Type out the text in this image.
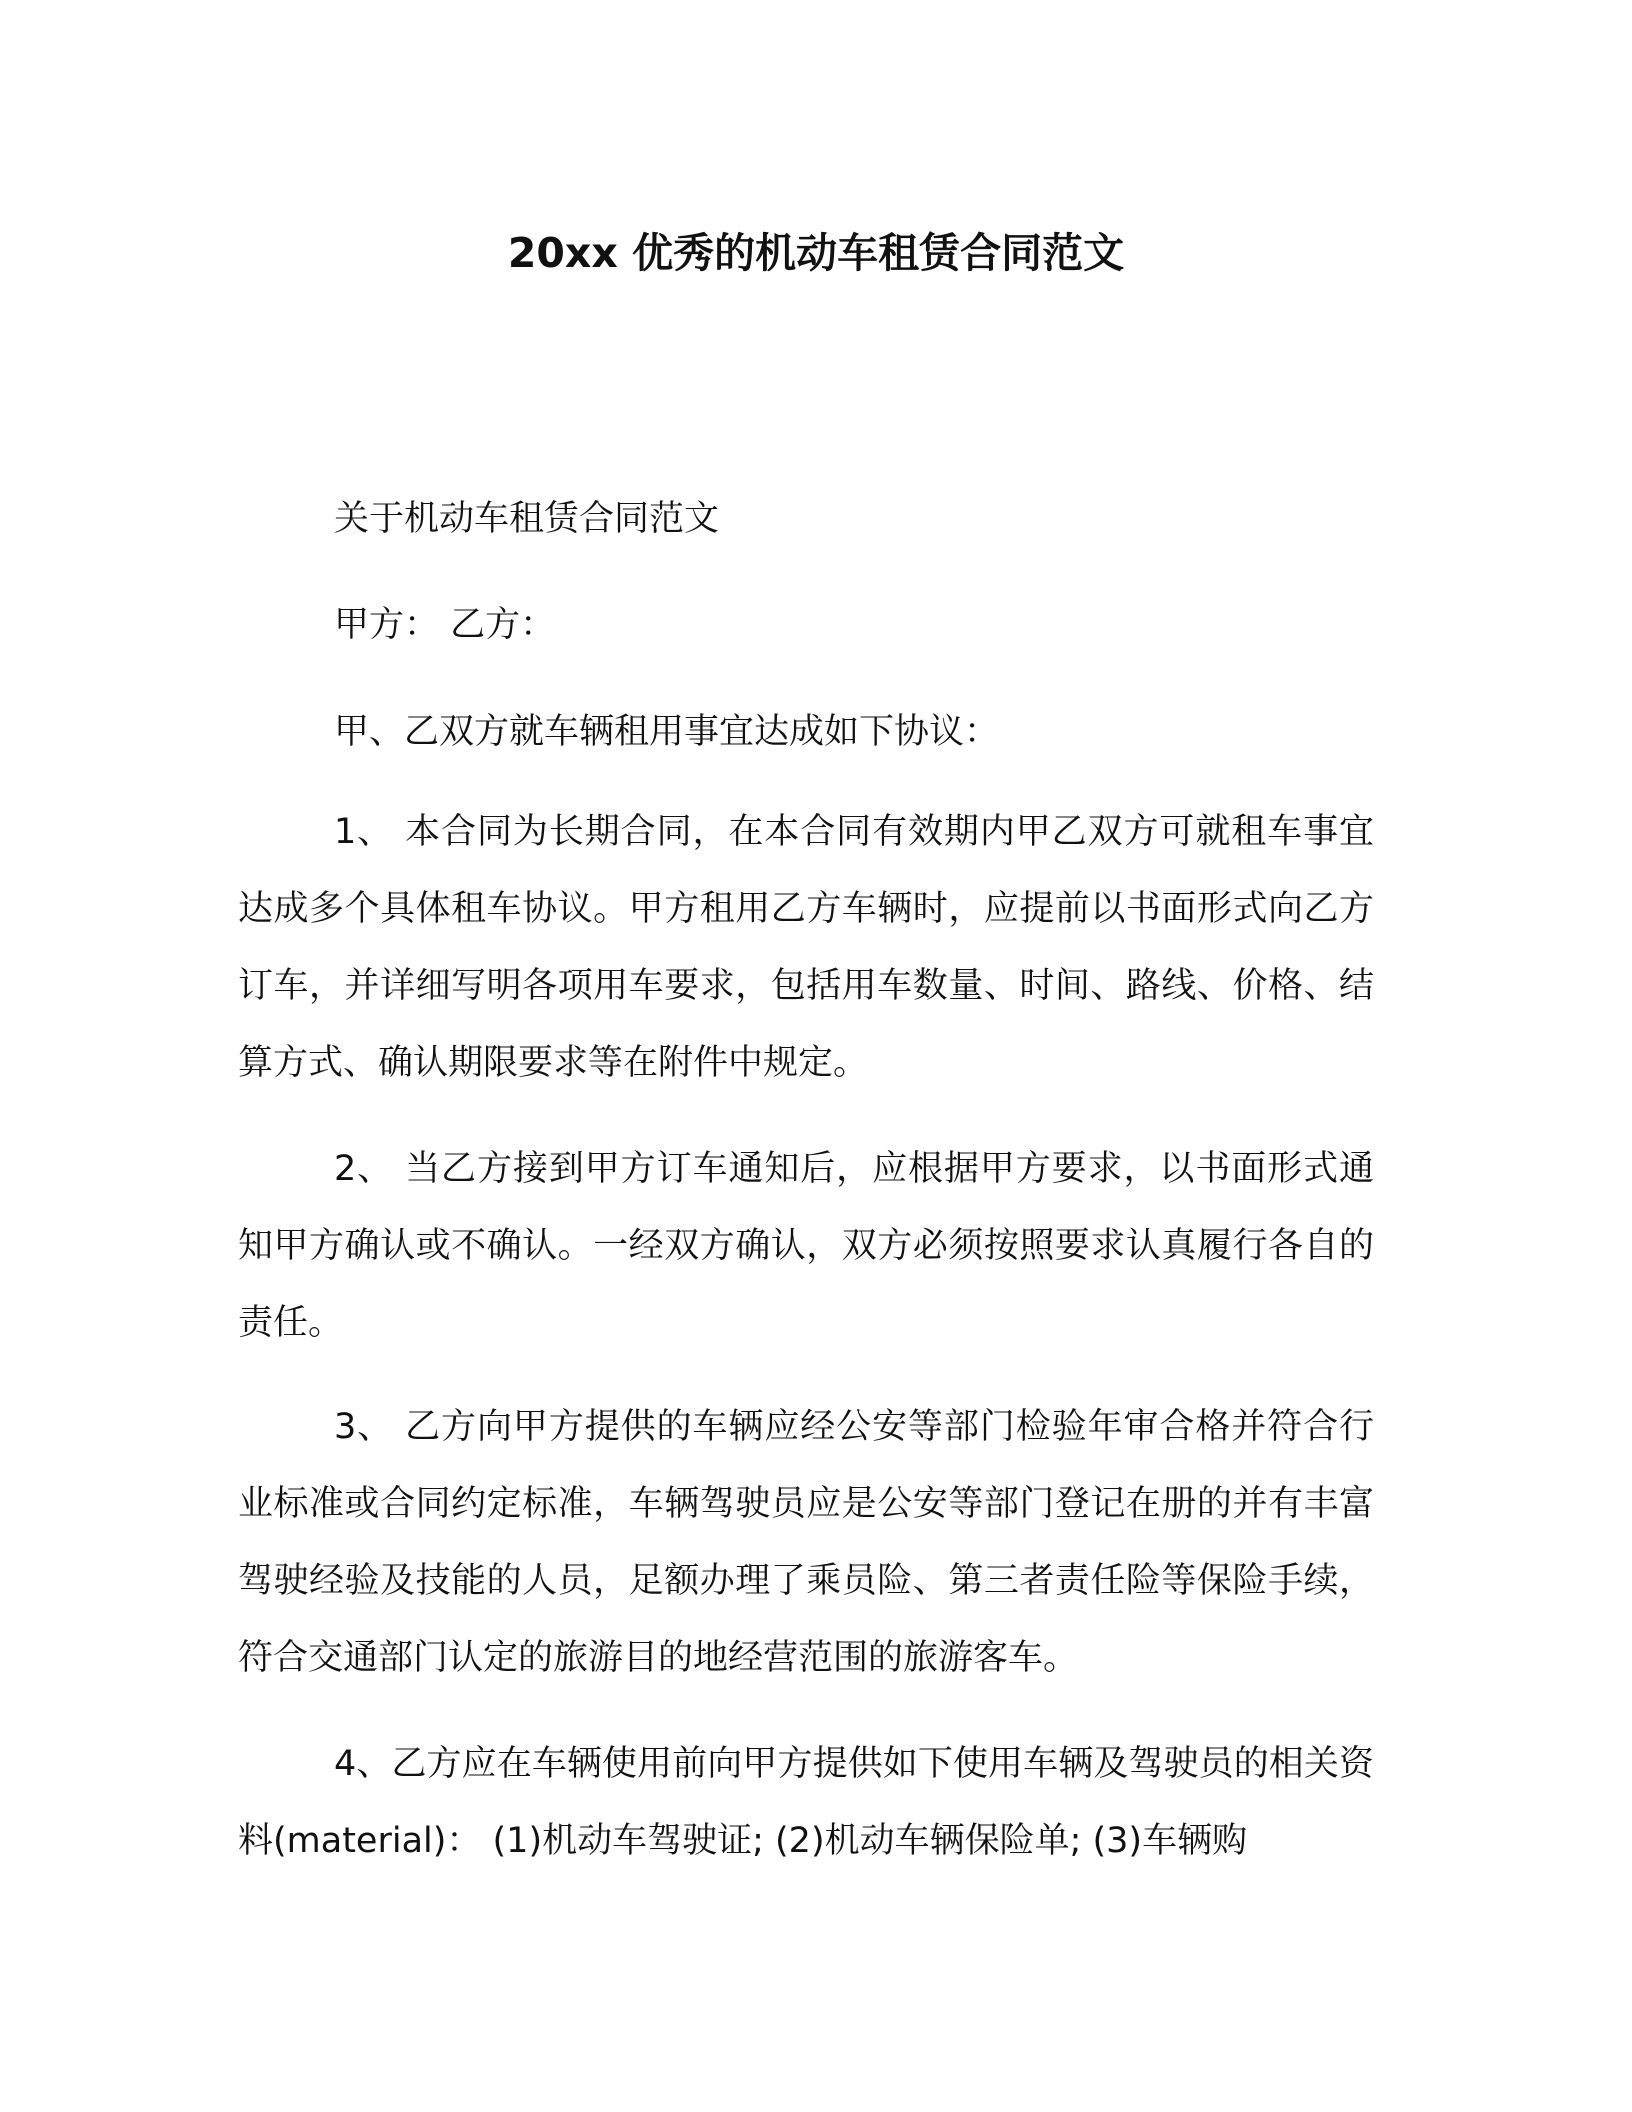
20xx 优秀的机动车租赁合同范文
关于机动车租赁合同范文
甲方： 乙方：
甲、乙双方就车辆租用事宜达成如下协议：

1、 本合同为长期合同，在本合同有效期内甲乙双方可就租车事宜达成多个具体租车协议。甲方租用乙方车辆时，应提前以书面形式向乙方订车，并详细写明各项用车要求，包括用车数量、时间、路线、价格、结算方式、确认期限要求等在附件中规定。

2、 当乙方接到甲方订车通知后，应根据甲方要求，以书面形式通知甲方确认或不确认。一经双方确认，双方必须按照要求认真履行各自的责任。

3、 乙方向甲方提供的车辆应经公安等部门检验年审合格并符合行业标准或合同约定标准，车辆驾驶员应是公安等部门登记在册的并有丰富驾驶经验及技能的人员，足额办理了乘员险、第三者责任险等保险手续，符合交通部门认定的旅游目的地经营范围的旅游客车。

4、乙方应在车辆使用前向甲方提供如下使用车辆及驾驶员的相关资料(material)： (1)机动车驾驶证; (2)机动车辆保险单; (3)车辆购
